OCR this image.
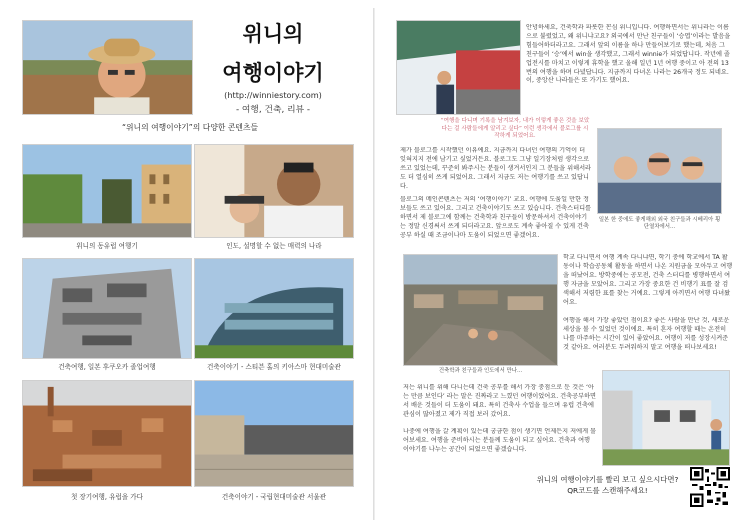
위니의
여행이야기
(http://winniestory.com)
- 여행, 건축, 리뷰 -
“위니의 여행이야기”의 다양한 콘텐츠들
위니의 동유럽 여행기	인도, 설명할 수 없는 매력의 나라
건축여행, 일본 후쿠오카 졸업여행	건축이야기 - 스티븐 홀의 키아스마 현대미술관
첫 장기여행, 유럽을 가다	건축이야기 - 국립현대미술관 서울관
안녕하세요, 건축학과 파릇한 꼰심 위니입니다. 여행하면서는 위니라는 이름으로 불렸었고, 왜 위니냐고요? 외국에서 만난 친구들이 ‘승엽’이라는 발음을 힘들어하더라고요. 그래서 앞의 이름을 하나 만들어보기로 했는데, 처음 그 친구들이 ‘승’에서 win을 생각했고, 그래서 winnie가 되었답니다. 작년에 졸업전시를 마치고 이렇게 휴학을 했고 올해 일년 1년 여행 중이고 아 전의 13번의 여행을 하며 다녔답니다. 지금까지 다녀온 나라는 26개국 정도 되네요. 이, 중앙산 나라들은 또 가기도 했어요.
“여행을 다니며 기록을 남겨보자, 내가 이렇게 좋은 것을 보았다는 걸 사람들에게 알리고 싶다” 이런 생각에서 블로그를 시작하게 되었어요.
일본 한 중에도 좋게해외 외국 친구들과 시베리아 횡단열차에서...
제가 블로그를 시작했던 이유에요. 지금까지 다녀던 여행의 기억이 더 잊혀지지 전에 남기고 싶었거든요. 블로그도 그냥 일기장처럼 생각으로 쓰고 있었는데, 꾸준히 봐주시는 분들이 생겨서인지 그 분들을 위해서라도 더 열심히 쓰게 되었어요. 그래서 지금도 저는 여행기를 쓰고 있답니다.
블로그의 메인콘텐츠는 저의 ‘여행이야기’ 교요. 여행에 도움일 만한 정보들도 쓰고 있어요. 그리고 건축이야기도 쓰고 있습니다. 건축스터디를 하면서 제 블로그에 함께는 건축학과 친구들이 방문하셔서 건축이야기는 정말 신경써서 쓰게 되더라고요. 앞으로도 계속 좋아질 수 있게 건축 공부 하실 때 조금이나마 도움이 되었으면 좋겠어요.
건축학과 친구들과 인도에서 만나...
학교 다니면서 여행 계속 다니냐면, 학기 중에 학교에서 TA 활동이나 학습공동체 활동을 하면서 나온 지원금을 모아두고 여행을 떠났어요. 방학중에는 공모전, 건축 스터디를 병행하면서 여행 자금을 모았어요. 그리고 가장 중요한 건 비행기 표를 잘 검색해서 저렴한 표를 찾는 거예요. 그렇게 아끼면서 여행 다녀왔어요.
여행을 해서 가장 좋았던 점이요? 좋은 사람을 만난 것, 새로운 세상을 볼 수 있었던 것이에요. 특히 혼자 여행할 때는 온전히 나를 마주하는 시간이 있어 좋았어요. 여행이 저를 성장시켜준 것 같아요. 여러분도 두려워하지 말고 여행을 떠나보세요!
저는 위니를 위해 다니는데 건축 공부를 해서 가장 중점으로 둔 것은 ‘아는 만큼 보인다’ 라는 말은 진짜라고 느꼈던 여행이었어요. 건축공부하면서 배운 것들이 더 도움이 돼요. 특히 건축사 수업을 들으며 유럽 건축에 관심이 많아졌고 제가 직접 보러 갔어요.
나중에 여행을 갈 계획이 있는데 궁금한 점이 생기면 언제든지 저에게 물어보세요. 여행을 준비하시는 분들께 도움이 되고 싶어요. 건축과 여행 이야기를 나누는 공간이 되었으면 좋겠습니다.
위니의 여행이야기를 빨리 보고 싶으시다면?
QR코드를 스캔해주세요!
